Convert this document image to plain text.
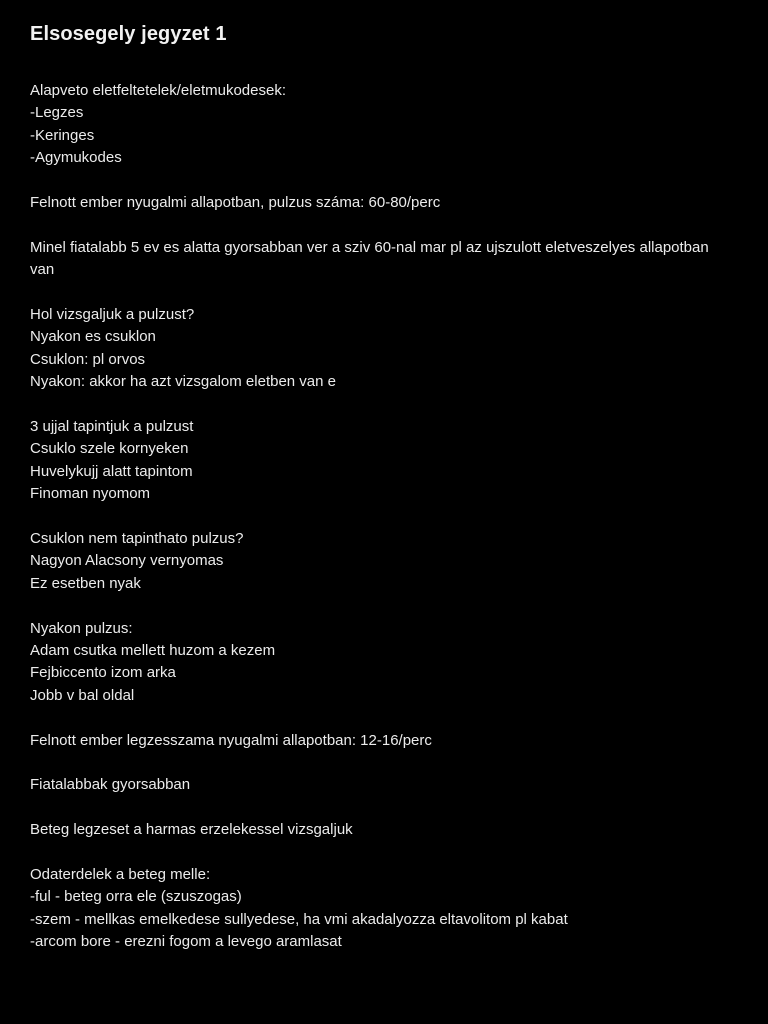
Elsosegely jegyzet 1
Alapveto eletfeltetelek/eletmukodesek:
-Legzes
-Keringes
-Agymukodes
Felnott ember nyugalmi allapotban, pulzus száma: 60-80/perc
Minel fiatalabb 5 ev es alatta gyorsabban ver a sziv 60-nal mar pl az ujszulott eletveszelyes allapotban van
Hol vizsgaljuk a pulzust?
Nyakon es csuklon
Csuklon: pl orvos
Nyakon: akkor ha azt vizsgalom eletben van e
3 ujjal tapintjuk a pulzust
Csuklo szele kornyeken
Huvelykujj alatt tapintom
Finoman nyomom
Csuklon nem tapinthato pulzus?
Nagyon Alacsony vernyomas
Ez esetben nyak
Nyakon pulzus:
Adam csutka mellett huzom a kezem
Fejbiccento izom arka
Jobb v bal oldal
Felnott ember legzesszama nyugalmi allapotban: 12-16/perc
Fiatalabbak gyorsabban
Beteg legzeset a harmas erzelekessel vizsgaljuk
Odaterdelek a beteg melle:
-ful - beteg orra ele (szuszogas)
-szem - mellkas emelkedese sullyedese, ha vmi akadalyozza eltavolitom pl kabat
-arcom bore - erezni fogom a levego aramlasat
